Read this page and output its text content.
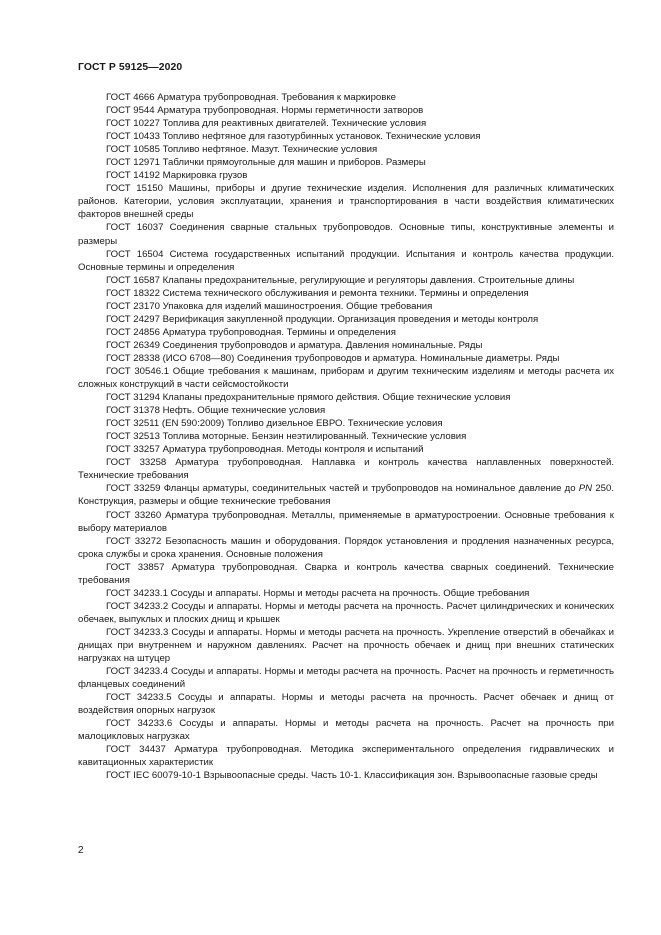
ГОСТ Р 59125—2020

ГОСТ 4666 Арматура трубопроводная. Требования к маркировке

ГОСТ 9544 Арматура трубопроводная. Нормы герметичности затворов

ГОСТ 10227 Топлива для реактивных двигателей. Технические условия

ГОСТ 10433 Топливо нефтяное для газотурбинных установок. Технические условия

ГОСТ 10585 Топливо нефтяное. Мазут. Технические условия

ГОСТ 12971 Таблички прямоугольные для машин и приборов. Размеры

ГОСТ 14192 Маркировка грузов

ГОСТ 15150 Машины, приборы и другие технические изделия. Исполнения для различных климатических районов. Категории, условия эксплуатации, хранения и транспортирования в части воздействия климатических факторов внешней среды

ГОСТ 16037 Соединения сварные стальных трубопроводов. Основные типы, конструктивные элементы и размеры

ГОСТ 16504 Система государственных испытаний продукции. Испытания и контроль качества продукции. Основные термины и определения

ГОСТ 16587 Клапаны предохранительные, регулирующие и регуляторы давления. Строительные длины

ГОСТ 18322 Система технического обслуживания и ремонта техники. Термины и определения

ГОСТ 23170 Упаковка для изделий машиностроения. Общие требования

ГОСТ 24297 Верификация закупленной продукции. Организация проведения и методы контроля

ГОСТ 24856 Арматура трубопроводная. Термины и определения

ГОСТ 26349 Соединения трубопроводов и арматура. Давления номинальные. Ряды

ГОСТ 28338 (ИСО 6708—80) Соединения трубопроводов и арматура. Номинальные диаметры. Ряды

ГОСТ 30546.1 Общие требования к машинам, приборам и другим техническим изделиям и методы расчета их сложных конструкций в части сейсмостойкости

ГОСТ 31294 Клапаны предохранительные прямого действия. Общие технические условия

ГОСТ 31378 Нефть. Общие технические условия

ГОСТ 32511 (EN 590:2009) Топливо дизельное ЕВРО. Технические условия

ГОСТ 32513 Топлива моторные. Бензин неэтилированный. Технические условия

ГОСТ 33257 Арматура трубопроводная. Методы контроля и испытаний

ГОСТ 33258 Арматура трубопроводная. Наплавка и контроль качества наплавленных поверхностей. Технические требования

ГОСТ 33259 Фланцы арматуры, соединительных частей и трубопроводов на номинальное давление до PN 250. Конструкция, размеры и общие технические требования

ГОСТ 33260 Арматура трубопроводная. Металлы, применяемые в арматуростроении. Основные требования к выбору материалов

ГОСТ 33272 Безопасность машин и оборудования. Порядок установления и продления назначенных ресурса, срока службы и срока хранения. Основные положения

ГОСТ 33857 Арматура трубопроводная. Сварка и контроль качества сварных соединений. Технические требования

ГОСТ 34233.1 Сосуды и аппараты. Нормы и методы расчета на прочность. Общие требования

ГОСТ 34233.2 Сосуды и аппараты. Нормы и методы расчета на прочность. Расчет цилиндрических и конических обечаек, выпуклых и плоских днищ и крышек

ГОСТ 34233.3 Сосуды и аппараты. Нормы и методы расчета на прочность. Укрепление отверстий в обечайках и днищах при внутреннем и наружном давлениях. Расчет на прочность обечаек и днищ при внешних статических нагрузках на штуцер

ГОСТ 34233.4 Сосуды и аппараты. Нормы и методы расчета на прочность. Расчет на прочность и герметичность фланцевых соединений

ГОСТ 34233.5 Сосуды и аппараты. Нормы и методы расчета на прочность. Расчет обечаек и днищ от воздействия опорных нагрузок

ГОСТ 34233.6 Сосуды и аппараты. Нормы и методы расчета на прочность. Расчет на прочность при малоцикловых нагрузках

ГОСТ 34437 Арматура трубопроводная. Методика экспериментального определения гидравлических и кавитационных характеристик

ГОСТ IEC 60079-10-1 Взрывоопасные среды. Часть 10-1. Классификация зон. Взрывоопасные газовые среды

2
